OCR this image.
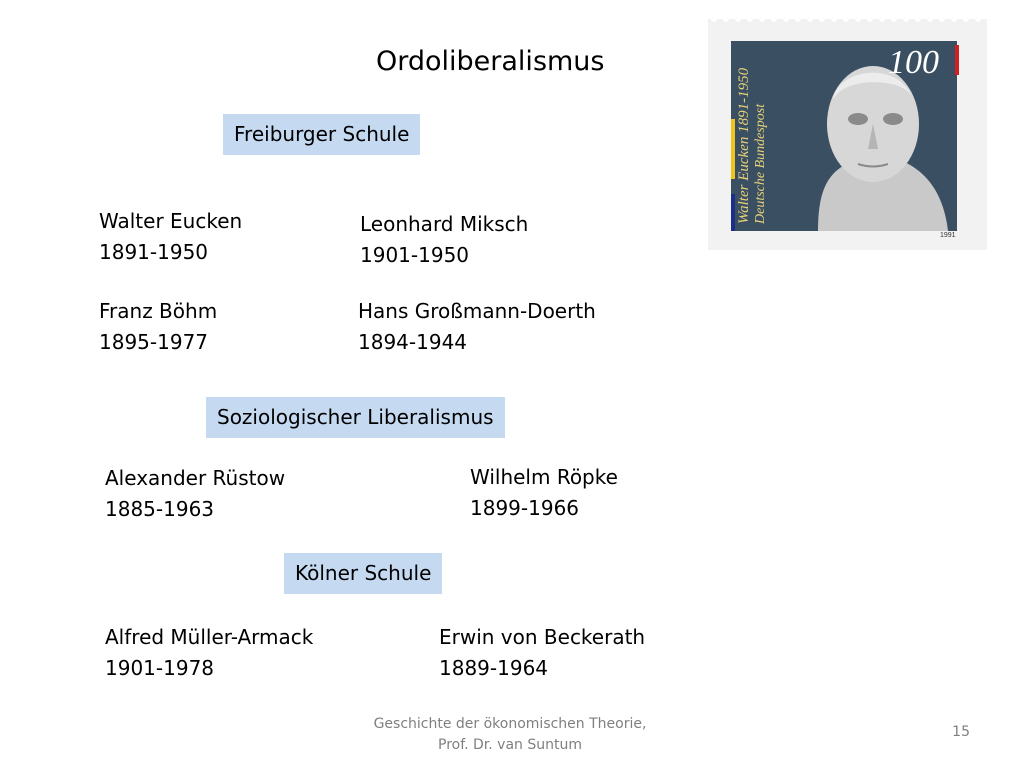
Ordoliberalismus	100
Walter Eucken 1891-1950 Deutsche Bundespost
1991
Freiburger Schule
Walter Eucken
1891-1950
Leonhard Miksch
1901-1950
Franz Böhm
1895-1977
Hans Großmann-Doerth
1894-1944
Soziologischer Liberalismus
Alexander Rüstow
1885-1963
Wilhelm Röpke
1899-1966
Kölner Schule
Alfred Müller-Armack
1901-1978
Erwin von Beckerath
1889-1964
Geschichte der ökonomischen Theorie,
Prof. Dr. van Suntum
15
